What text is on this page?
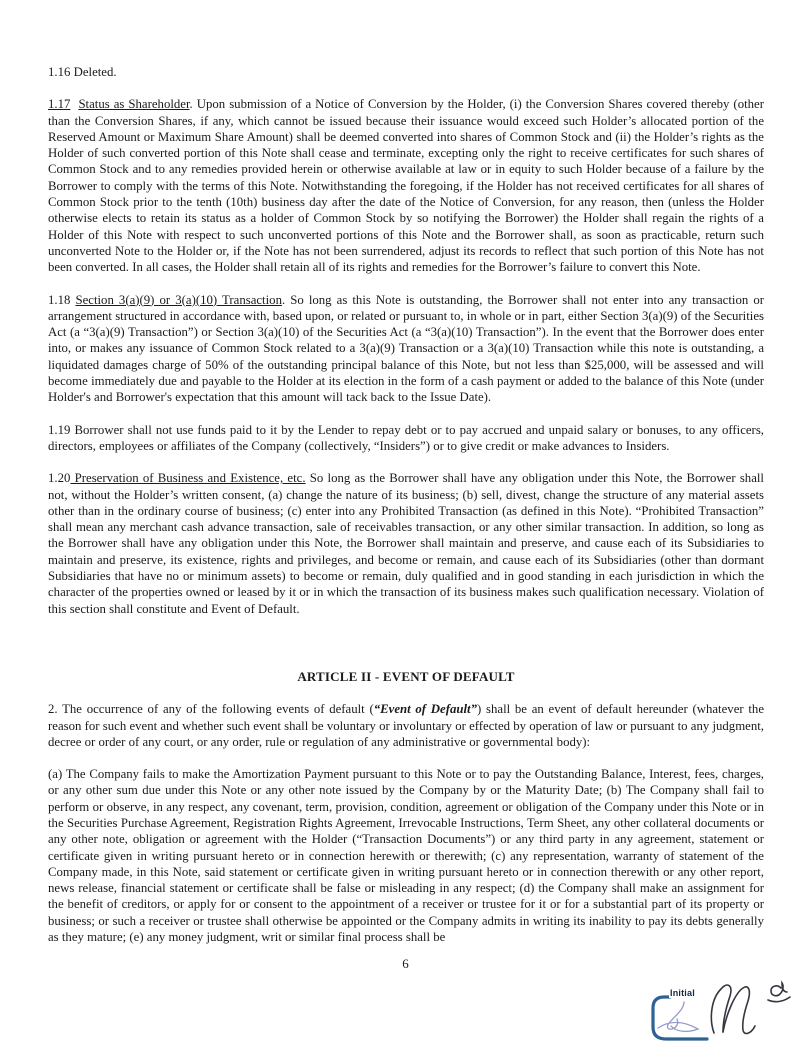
1.16 Deleted.

1.17 Status as Shareholder. Upon submission of a Notice of Conversion by the Holder, (i) the Conversion Shares covered thereby (other than the Conversion Shares, if any, which cannot be issued because their issuance would exceed such Holder’s allocated portion of the Reserved Amount or Maximum Share Amount) shall be deemed converted into shares of Common Stock and (ii) the Holder’s rights as the Holder of such converted portion of this Note shall cease and terminate, excepting only the right to receive certificates for such shares of Common Stock and to any remedies provided herein or otherwise available at law or in equity to such Holder because of a failure by the Borrower to comply with the terms of this Note. Notwithstanding the foregoing, if the Holder has not received certificates for all shares of Common Stock prior to the tenth (10th) business day after the date of the Notice of Conversion, for any reason, then (unless the Holder otherwise elects to retain its status as a holder of Common Stock by so notifying the Borrower) the Holder shall regain the rights of a Holder of this Note with respect to such unconverted portions of this Note and the Borrower shall, as soon as practicable, return such unconverted Note to the Holder or, if the Note has not been surrendered, adjust its records to reflect that such portion of this Note has not been converted. In all cases, the Holder shall retain all of its rights and remedies for the Borrower’s failure to convert this Note.

1.18 Section 3(a)(9) or 3(a)(10) Transaction. So long as this Note is outstanding, the Borrower shall not enter into any transaction or arrangement structured in accordance with, based upon, or related or pursuant to, in whole or in part, either Section 3(a)(9) of the Securities Act (a “3(a)(9) Transaction”) or Section 3(a)(10) of the Securities Act (a “3(a)(10) Transaction”). In the event that the Borrower does enter into, or makes any issuance of Common Stock related to a 3(a)(9) Transaction or a 3(a)(10) Transaction while this note is outstanding, a liquidated damages charge of 50% of the outstanding principal balance of this Note, but not less than $25,000, will be assessed and will become immediately due and payable to the Holder at its election in the form of a cash payment or added to the balance of this Note (under Holder's and Borrower's expectation that this amount will tack back to the Issue Date).

1.19 Borrower shall not use funds paid to it by the Lender to repay debt or to pay accrued and unpaid salary or bonuses, to any officers, directors, employees or affiliates of the Company (collectively, “Insiders”) or to give credit or make advances to Insiders.

1.20 Preservation of Business and Existence, etc. So long as the Borrower shall have any obligation under this Note, the Borrower shall not, without the Holder’s written consent, (a) change the nature of its business; (b) sell, divest, change the structure of any material assets other than in the ordinary course of business; (c) enter into any Prohibited Transaction (as defined in this Note). “Prohibited Transaction” shall mean any merchant cash advance transaction, sale of receivables transaction, or any other similar transaction. In addition, so long as the Borrower shall have any obligation under this Note, the Borrower shall maintain and preserve, and cause each of its Subsidiaries to maintain and preserve, its existence, rights and privileges, and become or remain, and cause each of its Subsidiaries (other than dormant Subsidiaries that have no or minimum assets) to become or remain, duly qualified and in good standing in each jurisdiction in which the character of the properties owned or leased by it or in which the transaction of its business makes such qualification necessary. Violation of this section shall constitute and Event of Default.

ARTICLE II - EVENT OF DEFAULT

2. The occurrence of any of the following events of default (“Event of Default”) shall be an event of default hereunder (whatever the reason for such event and whether such event shall be voluntary or involuntary or effected by operation of law or pursuant to any judgment, decree or order of any court, or any order, rule or regulation of any administrative or governmental body):

(a) The Company fails to make the Amortization Payment pursuant to this Note or to pay the Outstanding Balance, Interest, fees, charges, or any other sum due under this Note or any other note issued by the Company by or the Maturity Date; (b) The Company shall fail to perform or observe, in any respect, any covenant, term, provision, condition, agreement or obligation of the Company under this Note or in the Securities Purchase Agreement, Registration Rights Agreement, Irrevocable Instructions, Term Sheet, any other collateral documents or any other note, obligation or agreement with the Holder (“Transaction Documents”) or any third party in any agreement, statement or certificate given in writing pursuant hereto or in connection herewith or therewith; (c) any representation, warranty of statement of the Company made, in this Note, said statement or certificate given in writing pursuant hereto or in connection therewith or any other report, news release, financial statement or certificate shall be false or misleading in any respect; (d) the Company shall make an assignment for the benefit of creditors, or apply for or consent to the appointment of a receiver or trustee for it or for a substantial part of its property or business; or such a receiver or trustee shall otherwise be appointed or the Company admits in writing its inability to pay its debts generally as they mature; (e) any money judgment, writ or similar final process shall be

6
Initial
